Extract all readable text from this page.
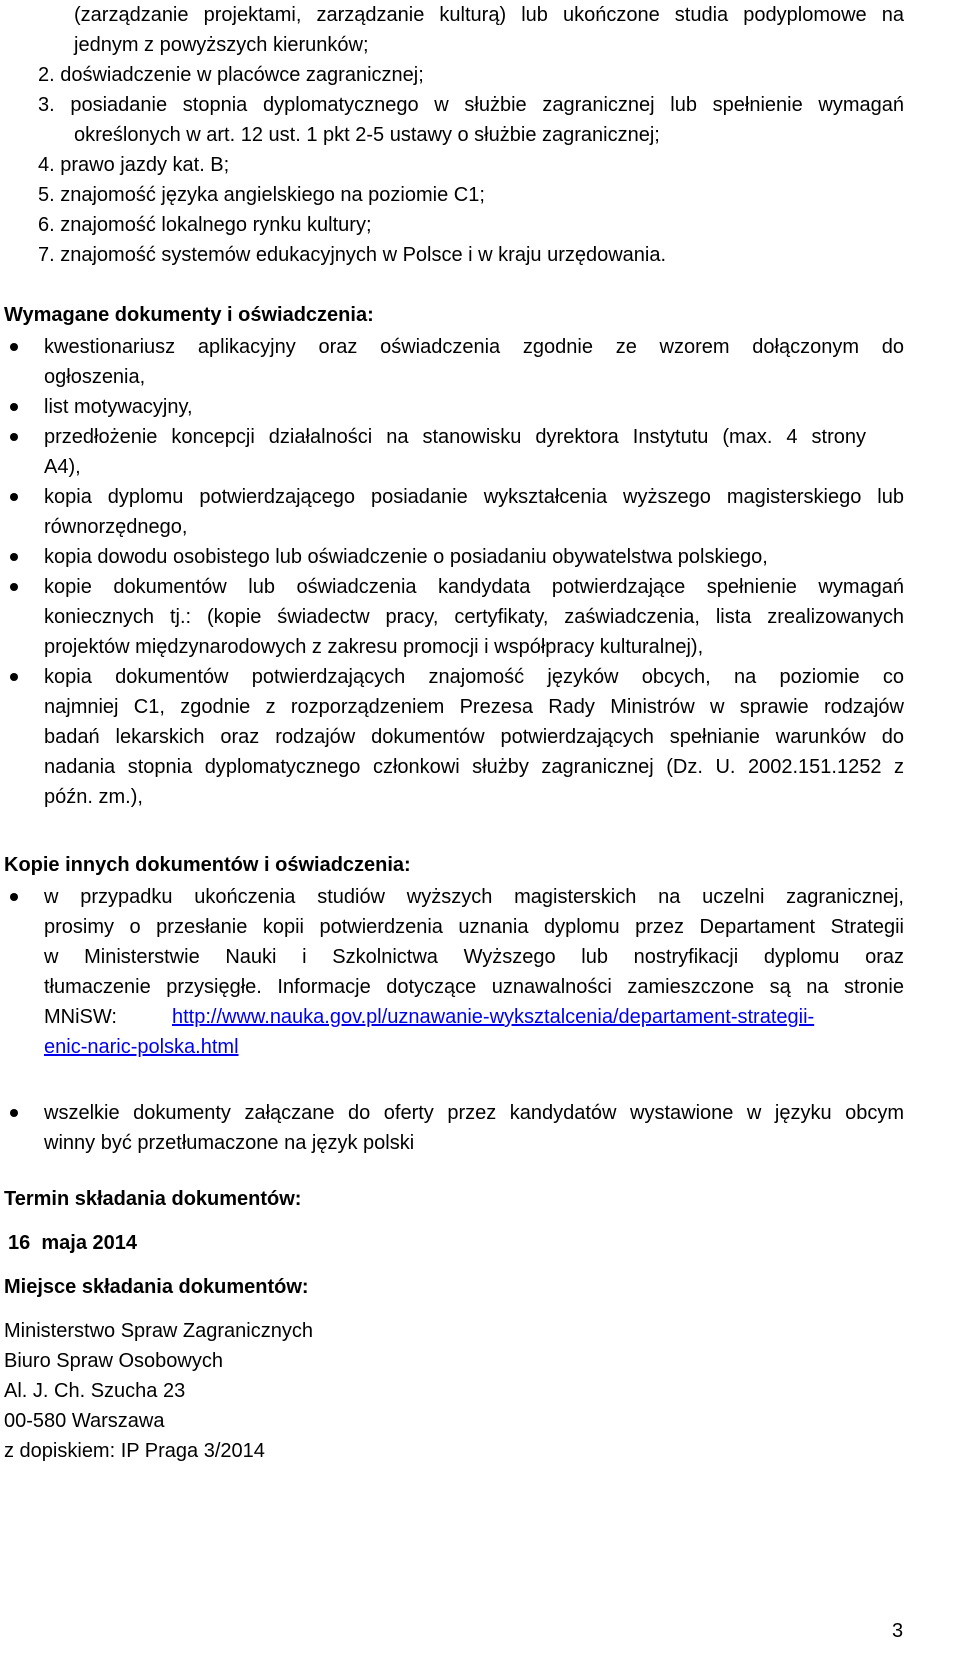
(zarządzanie projektami, zarządzanie kulturą) lub ukończone studia podyplomowe na
jednym z powyższych kierunków;
2. doświadczenie w placówce zagranicznej;
3. posiadanie stopnia dyplomatycznego w służbie zagranicznej lub spełnienie wymagań
określonych w art. 12 ust. 1 pkt 2-5 ustawy o służbie zagranicznej;
4. prawo jazdy kat. B;
5. znajomość języka angielskiego na poziomie C1;
6. znajomość lokalnego rynku kultury;
7. znajomość systemów edukacyjnych w Polsce i w kraju urzędowania.
Wymagane dokumenty i oświadczenia:
kwestionariusz aplikacyjny oraz oświadczenia zgodnie ze wzorem dołączonym do
ogłoszenia,
list motywacyjny,
przedłożenie koncepcji działalności na stanowisku dyrektora Instytutu (max. 4 strony
A4),
kopia dyplomu potwierdzającego posiadanie wykształcenia wyższego magisterskiego lub
równorzędnego,
kopia dowodu osobistego lub oświadczenie o posiadaniu obywatelstwa polskiego,
kopie dokumentów lub oświadczenia kandydata potwierdzające spełnienie wymagań
koniecznych tj.: (kopie świadectw pracy, certyfikaty, zaświadczenia, lista zrealizowanych
projektów międzynarodowych z zakresu promocji i współpracy kulturalnej),
kopia dokumentów potwierdzających znajomość języków obcych, na poziomie co
najmniej C1, zgodnie z rozporządzeniem Prezesa Rady Ministrów w sprawie rodzajów
badań lekarskich oraz rodzajów dokumentów potwierdzających spełnianie warunków do
nadania stopnia dyplomatycznego członkowi służby zagranicznej (Dz. U. 2002.151.1252 z
późn. zm.),
Kopie innych dokumentów i oświadczenia:
w przypadku ukończenia studiów wyższych magisterskich na uczelni zagranicznej,
prosimy o przesłanie kopii potwierdzenia uznania dyplomu przez Departament Strategii
w Ministerstwie Nauki i Szkolnictwa Wyższego lub nostryfikacji dyplomu oraz
tłumaczenie przysięgłe. Informacje dotyczące uznawalności zamieszczone są na stronie
MNiSW:	http://www.nauka.gov.pl/uznawanie-wyksztalcenia/departament-strategii-
enic-naric-polska.html
wszelkie dokumenty załączane do oferty przez kandydatów wystawione w języku obcym
winny być przetłumaczone na język polski
Termin składania dokumentów:
16  maja 2014
Miejsce składania dokumentów:
Ministerstwo Spraw Zagranicznych
Biuro Spraw Osobowych
Al. J. Ch. Szucha 23
00-580 Warszawa
z dopiskiem: IP Praga 3/2014
3
